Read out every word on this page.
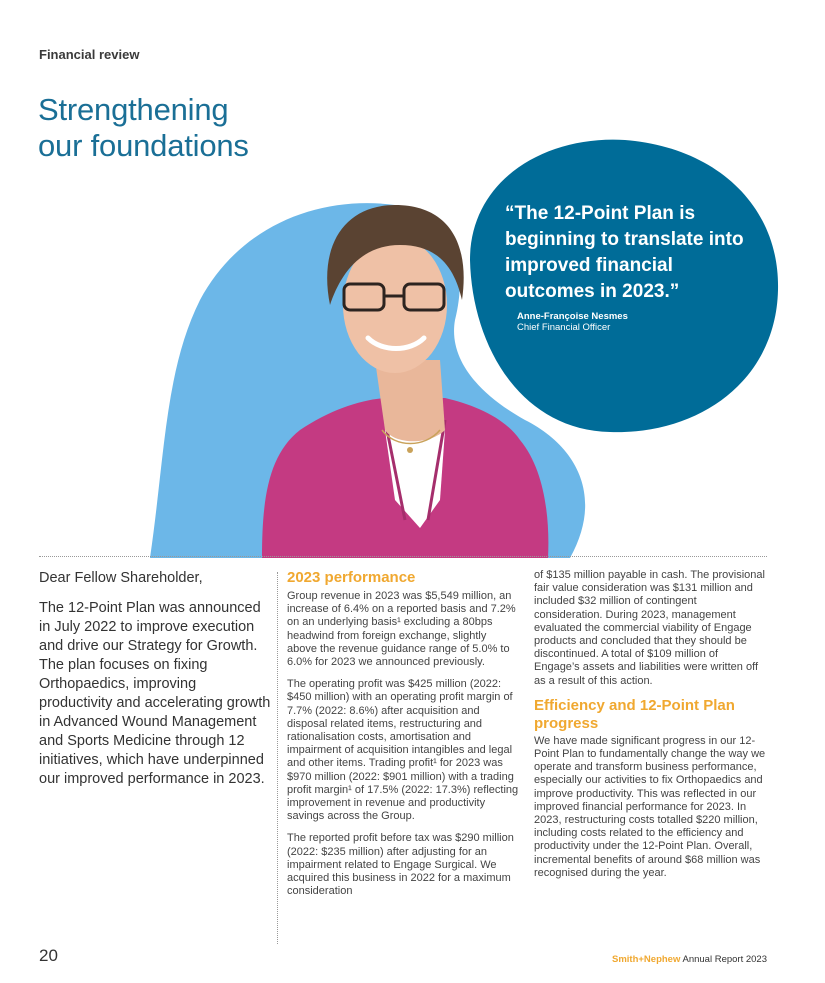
Financial review
Strengthening
our foundations
“The 12-Point Plan is beginning to translate into improved financial outcomes in 2023.”
Anne-Françoise Nesmes
Chief Financial Officer
Dear Fellow Shareholder,
The 12-Point Plan was announced in July 2022 to improve execution and drive our Strategy for Growth. The plan focuses on fixing Orthopaedics, improving productivity and accelerating growth in Advanced Wound Management and Sports Medicine through 12 initiatives, which have underpinned our improved performance in 2023.
2023 performance
Group revenue in 2023 was $5,549 million, an increase of 6.4% on a reported basis and 7.2% on an underlying basis¹ excluding a 80bps headwind from foreign exchange, slightly above the revenue guidance range of 5.0% to 6.0% for 2023 we announced previously.
The operating profit was $425 million (2022: $450 million) with an operating profit margin of 7.7% (2022: 8.6%) after acquisition and disposal related items, restructuring and rationalisation costs, amortisation and impairment of acquisition intangibles and legal and other items. Trading profit¹ for 2023 was $970 million (2022: $901 million) with a trading profit margin¹ of 17.5% (2022: 17.3%) reflecting improvement in revenue and productivity savings across the Group.
The reported profit before tax was $290 million (2022: $235 million) after adjusting for an impairment related to Engage Surgical. We acquired this business in 2022 for a maximum consideration
of $135 million payable in cash. The provisional fair value consideration was $131 million and included $32 million of contingent consideration. During 2023, management evaluated the commercial viability of Engage products and concluded that they should be discontinued. A total of $109 million of Engage’s assets and liabilities were written off as a result of this action.
Efficiency and 12-Point Plan progress
We have made significant progress in our 12-Point Plan to fundamentally change the way we operate and transform business performance, especially our activities to fix Orthopaedics and improve productivity. This was reflected in our improved financial performance for 2023. In 2023, restructuring costs totalled $220 million, including costs related to the efficiency and productivity under the 12-Point Plan. Overall, incremental benefits of around $68 million was recognised during the year.
20	Smith+Nephew Annual Report 2023
